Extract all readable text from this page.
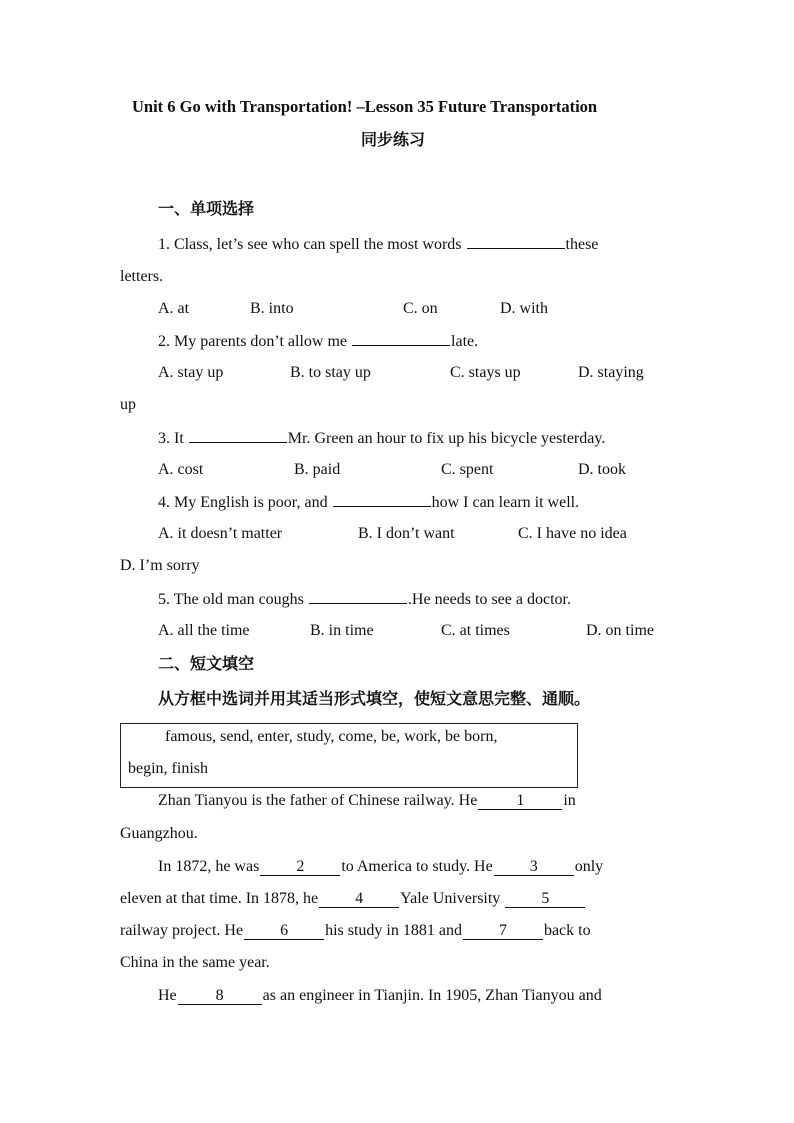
Unit 6 Go with Transportation! –Lesson 35 Future Transportation
同步练习
一、单项选择
1. Class, let’s see who can spell the most words	these
letters.
A. at	B. into	C. on	D. with
2. My parents don’t allow me	late.
A. stay up	B. to stay up	C. stays up	D. staying
up
3. It	Mr. Green an hour to fix up his bicycle yesterday.
A. cost	B. paid	C. spent	D. took
4. My English is poor, and	how I can learn it well.
A. it doesn’t matter	B. I don’t want	C. I have no idea
D. I’m sorry
5. The old man coughs	.He needs to see a doctor.
A. all the time	B. in time	C. at times	D. on time
二、短文填空
从方框中选词并用其适当形式填空，使短文意思完整、通顺。
famous, send, enter, study, come, be, work, be born,
begin, finish
Zhan Tianyou is the father of Chinese railway. He 1 in
Guangzhou.
In 1872, he was 2 to America to study. He 3 only
eleven at that time. In 1878, he 4 Yale University	5
railway project. He 6 his study in 1881 and 7 back to
China in the same year.
He 8 as an engineer in Tianjin. In 1905, Zhan Tianyou and
